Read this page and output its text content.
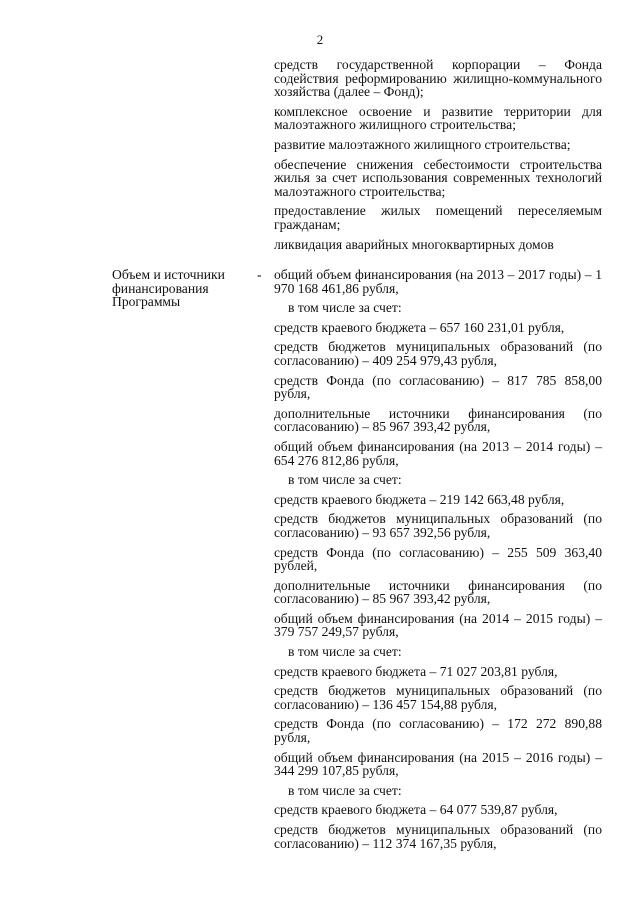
2

средств государственной корпорации – Фонда содействия реформированию жилищно-коммунального хозяйства (далее – Фонд);

комплексное освоение и развитие территории для малоэтажного жилищного строительства;

развитие малоэтажного жилищного строительства;

обеспечение снижения себестоимости строительства жилья за счет использования современных технологий малоэтажного строительства;

предоставление жилых помещений переселяемым гражданам;

ликвидация аварийных многоквартирных домов

Объем и источники финансирования Программы
- общий объем финансирования (на 2013 – 2017 годы) – 1 970 168 461,86 рубля,

в том числе за счет:

средств краевого бюджета – 657 160 231,01 рубля,

средств бюджетов муниципальных образований (по согласованию) – 409 254 979,43 рубля,

средств Фонда (по согласованию) – 817 785 858,00 рубля,

дополнительные источники финансирования (по согласованию) – 85 967 393,42 рубля,

общий объем финансирования (на 2013 – 2014 годы) – 654 276 812,86 рубля,

в том числе за счет:

средств краевого бюджета – 219 142 663,48 рубля,

средств бюджетов муниципальных образований (по согласованию) – 93 657 392,56 рубля,

средств Фонда (по согласованию) – 255 509 363,40 рублей,

дополнительные источники финансирования (по согласованию) – 85 967 393,42 рубля,

общий объем финансирования (на 2014 – 2015 годы) – 379 757 249,57 рубля,

в том числе за счет:

средств краевого бюджета – 71 027 203,81 рубля,

средств бюджетов муниципальных образований (по согласованию) – 136 457 154,88 рубля,

средств Фонда (по согласованию) – 172 272 890,88 рубля,

общий объем финансирования (на 2015 – 2016 годы) – 344 299 107,85 рубля,

в том числе за счет:

средств краевого бюджета – 64 077 539,87 рубля,

средств бюджетов муниципальных образований (по согласованию) – 112 374 167,35 рубля,
